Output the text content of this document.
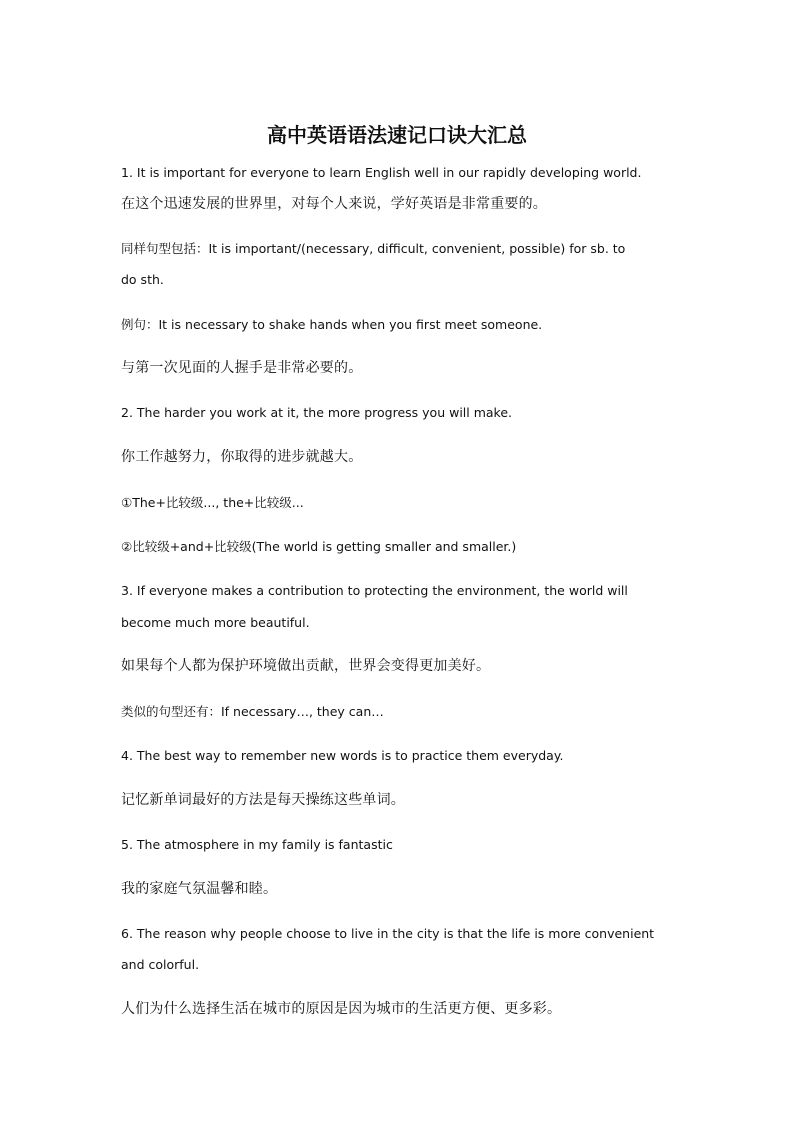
高中英语语法速记口诀大汇总
1. It is important for everyone to learn English well in our rapidly developing world.
在这个迅速发展的世界里，对每个人来说，学好英语是非常重要的。
同样句型包括：It is important/(necessary, difficult, convenient, possible) for sb. to
do sth.
例句：It is necessary to shake hands when you first meet someone.
与第一次见面的人握手是非常必要的。
2. The harder you work at it, the more progress you will make.
你工作越努力，你取得的进步就越大。
①The+比较级..., the+比较级...
②比较级+and+比较级(The world is getting smaller and smaller.)
3. If everyone makes a contribution to protecting the environment, the world will
become much more beautiful.
如果每个人都为保护环境做出贡献，世界会变得更加美好。
类似的句型还有：If necessary…, they can…
4. The best way to remember new words is to practice them everyday.
记忆新单词最好的方法是每天操练这些单词。
5. The atmosphere in my family is fantastic
我的家庭气氛温馨和睦。
6. The reason why people choose to live in the city is that the life is more convenient
and colorful.
人们为什么选择生活在城市的原因是因为城市的生活更方便、更多彩。
